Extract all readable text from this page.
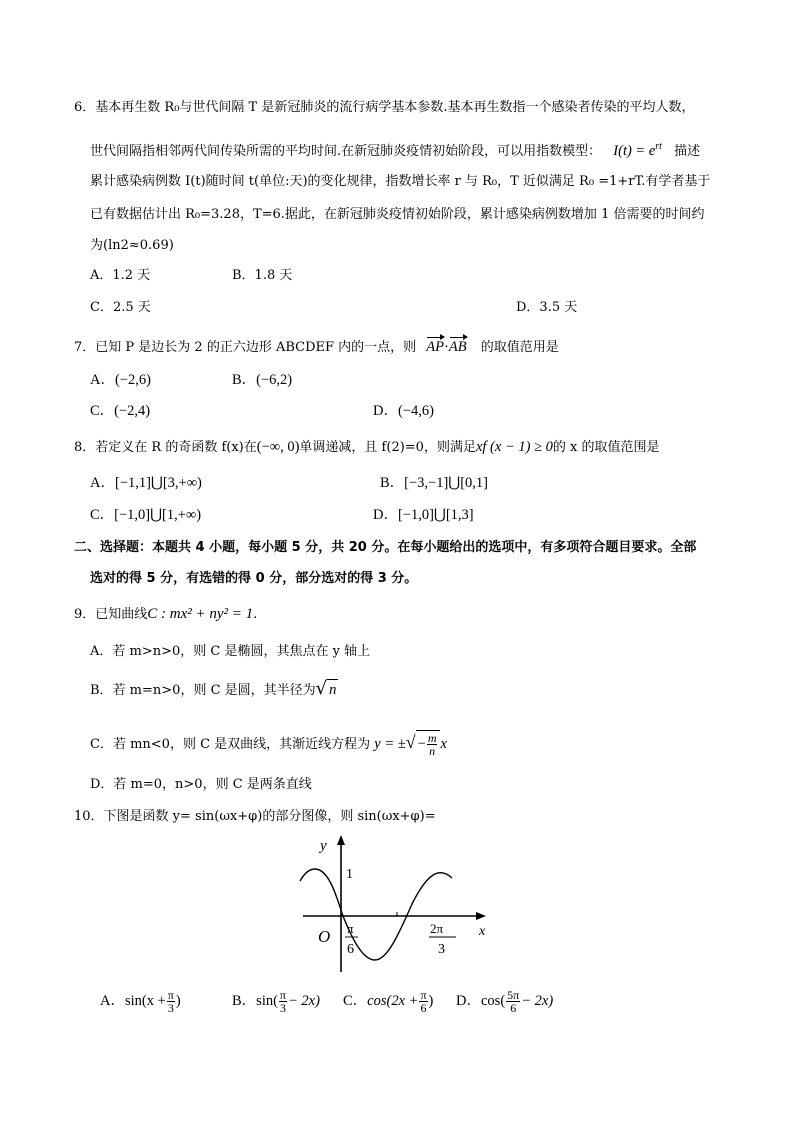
6．基本再生数 R₀与世代间隔 T 是新冠肺炎的流行病学基本参数.基本再生数指一个感染者传染的平均人数，
世代间隔指相邻两代间传染所需的平均时间.在新冠肺炎疫情初始阶段，可以用指数模型： $I(t) = e^{rt}$ 描述
累计感染病例数 I(t)随时间 t(单位:天)的变化规律，指数增长率 r 与 R₀，T 近似满足 R₀ =1+rT.有学者基于
已有数据估计出 R₀=3.28，T=6.据此，在新冠肺炎疫情初始阶段，累计感染病例数增加 1 倍需要的时间约
为(ln2≈0.69)
A．1.2 天	B．1.8 天
C．2.5 天	D．3.5 天
7．已知 P 是边长为 2 的正六边形 ABCDEF 内的一点，则 AP·AB 的取值范用是
A．(−2,6)	B．(−6,2)
C．(−2,4)	D．(−4,6)
8．若定义在 R 的奇函数 f(x)在(−∞, 0)单调递减，且 f(2)=0，则满足xf (x − 1) ≥ 0的 x 的取值范围是
A．[−1,1]⋃[3,+∞)	B．[−3,−1]⋃[0,1]
C．[−1,0]⋃[1,+∞)	D．[−1,0]⋃[1,3]
二、选择题：本题共 4 小题，每小题 5 分，共 20 分。在每小题给出的选项中，有多项符合题目要求。全部
选对的得 5 分，有选错的得 0 分，部分选对的得 3 分。
9．已知曲线C : mx² + ny² = 1.
A．若 m>n>0，则 C 是椭圆，其焦点在 y 轴上
B．若 m=n>0，则 C 是圆，其半径为√ n
C．若 mn<0，则 C 是双曲线，其渐近线方程为 y = ±√ − $\frac{m}{n}$ x
D．若 m=0，n>0，则 C 是两条直线
10．下图是函数 y= sin(ωx+φ)的部分图像，则 sin(ωx+φ)=
y
1
O π
6
2π
3
x
A．$\sin(x + \frac{\pi}{3}$ )	B．$\sin( \frac{\pi}{3} - 2x)$ C．$\cos(2x + \frac{\pi}{6}$ ) D．$\cos( \frac{5\pi}{6} - 2x)$
